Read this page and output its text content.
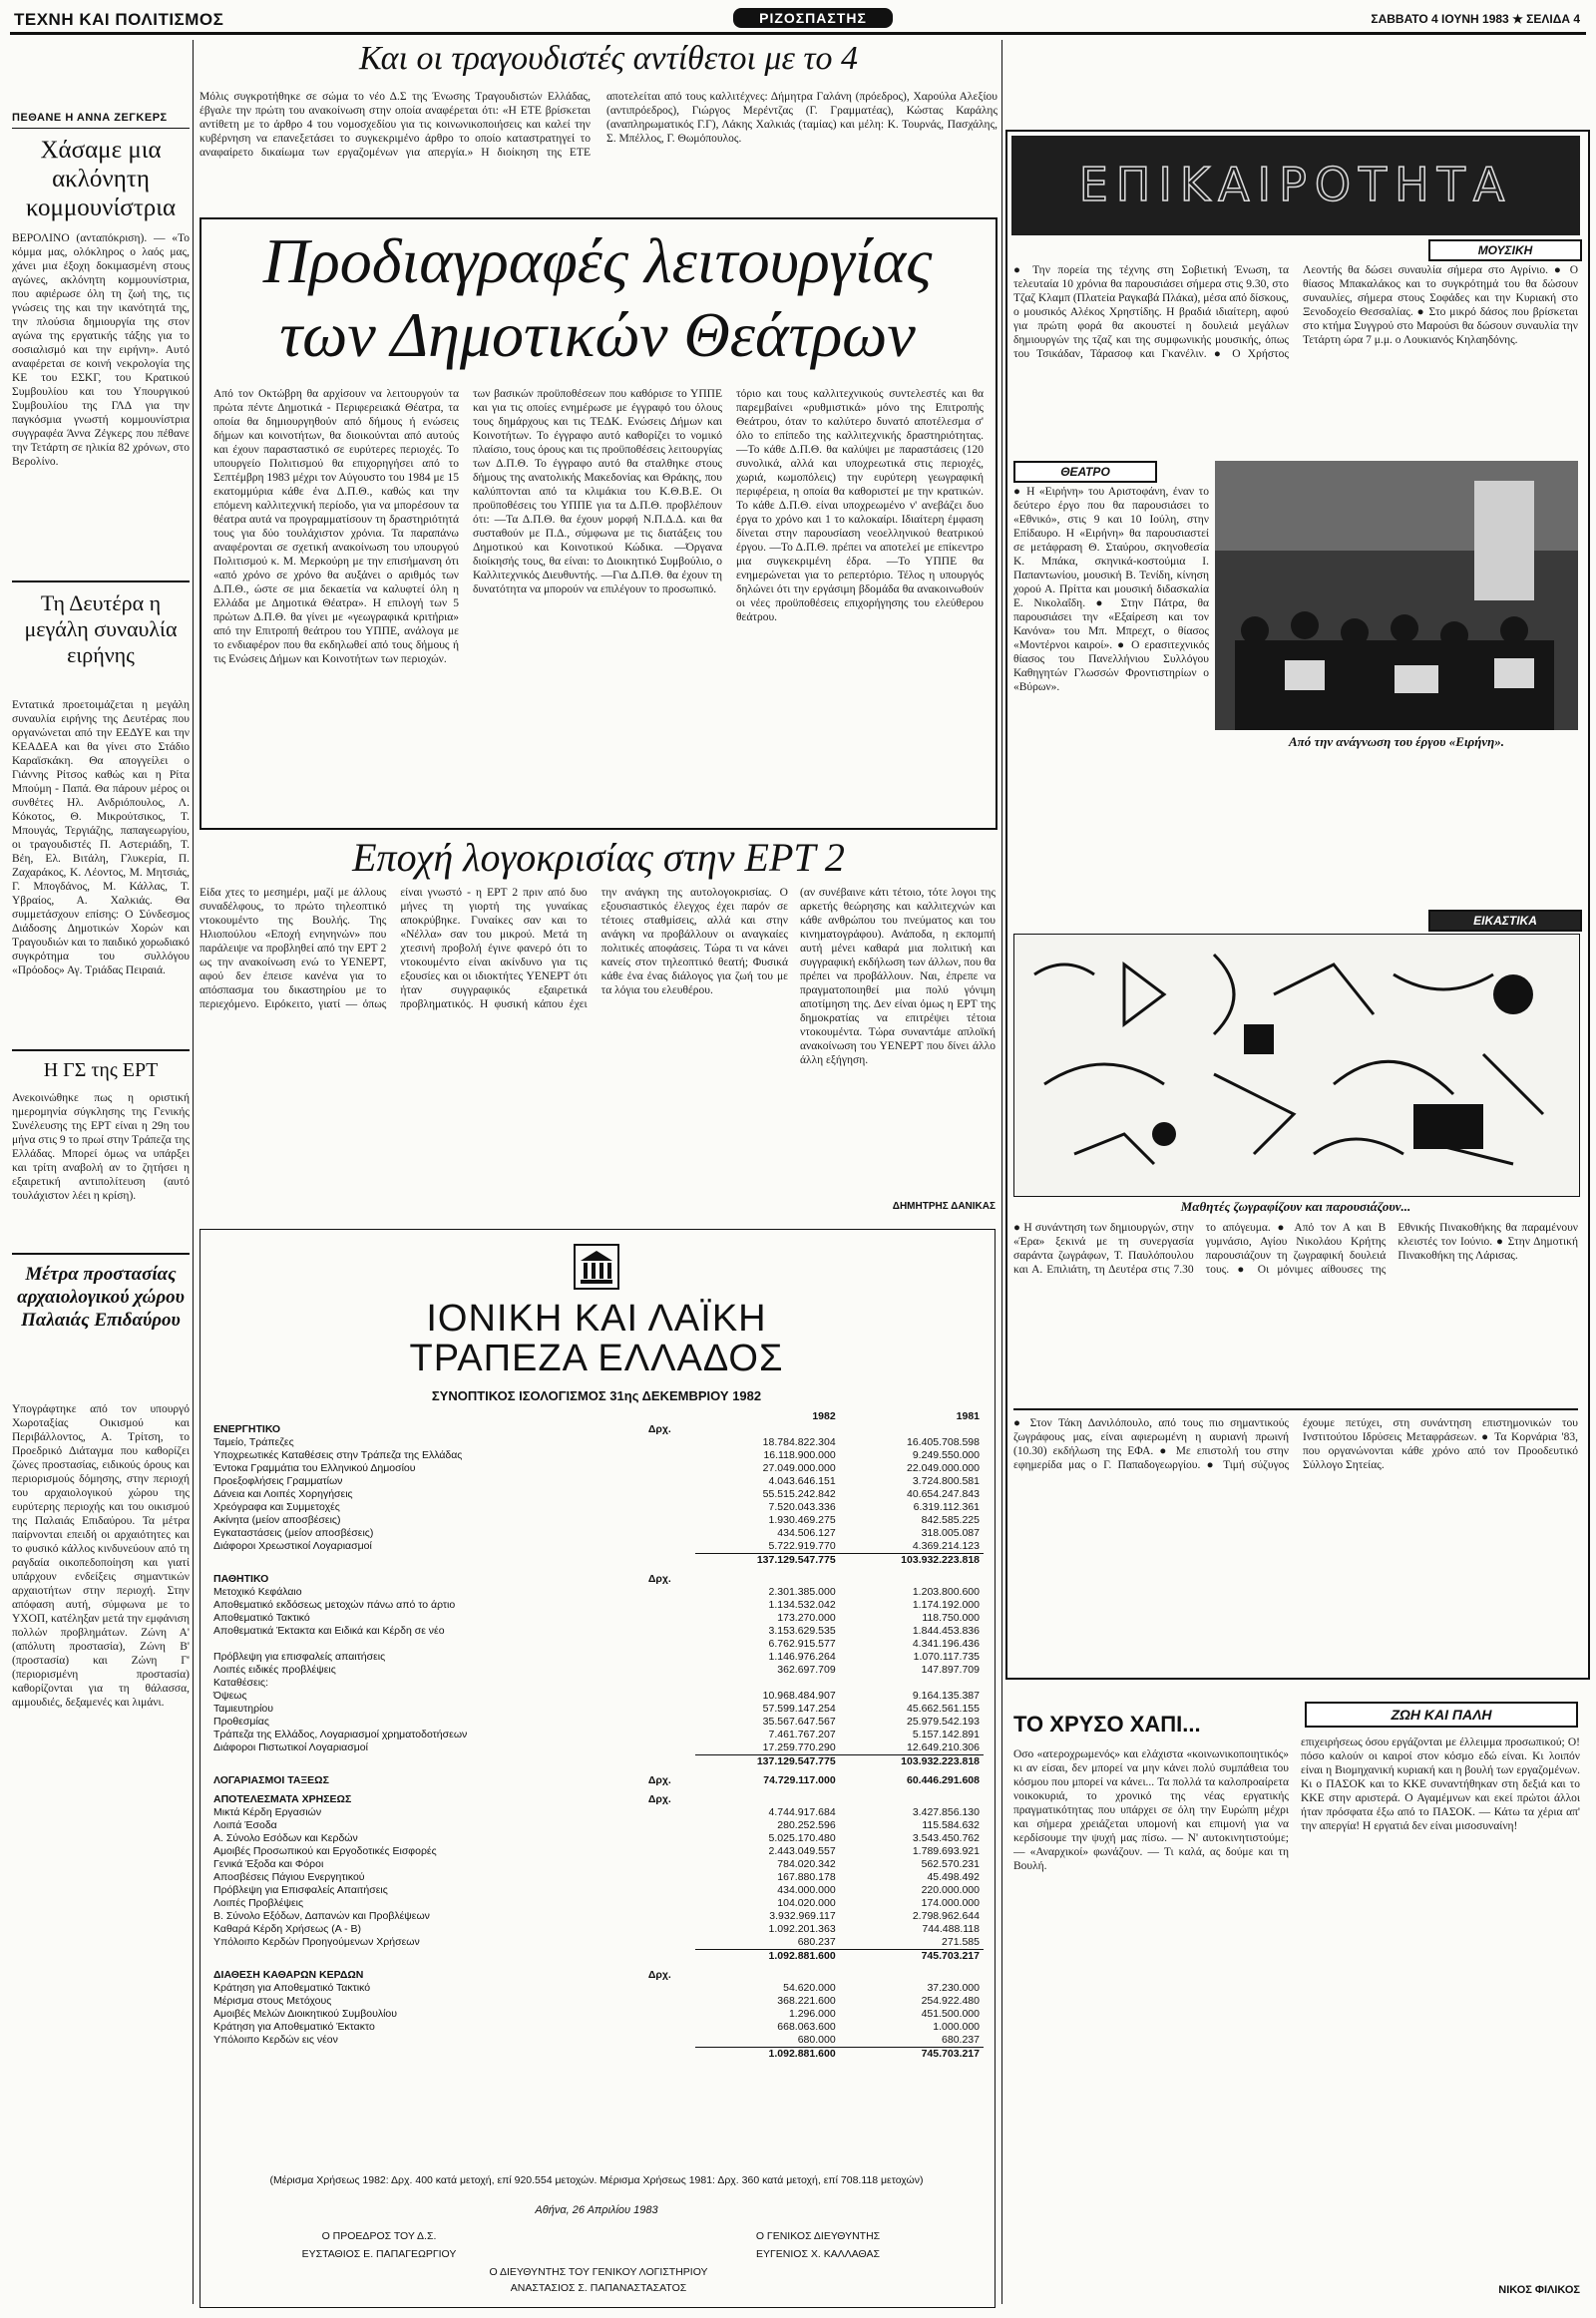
ΤΕΧΝΗ ΚΑΙ ΠΟΛΙΤΙΣΜΟΣ	ΡΙΖΟΣΠΑΣΤΗΣ	ΣΑΒΒΑΤΟ 4 ΙΟΥΝΗ 1983 ★ ΣΕΛΙΔΑ 4
ΠΕΘΑΝΕ Η ΑΝΝΑ ΖΕΓΚΕΡΣ
Χάσαμε μια ακλόνητη κομμουνίστρια
ΒΕΡΟΛΙΝΟ (ανταπόκριση). — «Το κόμμα μας, ολόκληρος ο λαός μας, χάνει μια έξοχη δοκιμασμένη στους αγώνες, ακλόνητη κομμουνίστρια, που αφιέρωσε όλη τη ζωή της, τις γνώσεις της και την ικανότητά της, την πλούσια δημιουργία της στον αγώνα της εργατικής τάξης για το σοσιαλισμό και την ειρήνη». Αυτό αναφέρεται σε κοινή νεκρολογία της ΚΕ του ΕΣΚΓ, του Κρατικού Συμβουλίου και του Υπουργικού Συμβουλίου της ΓΛΔ για την παγκόσμια γνωστή κομμουνίστρια συγγραφέα Άννα Ζέγκερς που πέθανε την Τετάρτη σε ηλικία 82 χρόνων, στο Βερολίνο.
Τη Δευτέρα η μεγάλη συναυλία ειρήνης
Εντατικά προετοιμάζεται η μεγάλη συναυλία ειρήνης της Δευτέρας που οργανώνεται από την ΕΕΔΥΕ και την ΚΕΑΔΕΑ και θα γίνει στο Στάδιο Καραϊσκάκη. Θα απογγείλει ο Γιάννης Ρίτσος καθώς και η Ρίτα Μπούμη - Παπά. Θα πάρουν μέρος οι συνθέτες Ηλ. Ανδριόπουλος, Λ. Κόκοτος, Θ. Μικρούτσικος, Τ. Μπουγάς, Τεργιάζης, παπαγεωργίου, οι τραγουδιστές Π. Αστεριάδη, Τ. Βέη, Ελ. Βιτάλη, Γλυκερία, Π. Ζαχαράκος, Κ. Λέοντος, Μ. Μητσιάς, Γ. Μπογδάνος, Μ. Κάλλας, Τ. Υβραίος, Α. Χαλκιάς. Θα συμμετάσχουν επίσης: Ο Σύνδεσμος Διάδοσης Δημοτικών Χορών και Τραγουδιών και το παιδικό χορωδιακό συγκρότημα του συλλόγου «Πρόοδος» Αγ. Τριάδας Πειραιά.
Η ΓΣ της ΕΡΤ
Ανεκοινώθηκε πως η οριστική ημερομηνία σύγκλησης της Γενικής Συνέλευσης της ΕΡΤ είναι η 29η του μήνα στις 9 το πρωί στην Τράπεζα της Ελλάδας. Μπορεί όμως να υπάρξει και τρίτη αναβολή αν το ζητήσει η εξαιρετική αντιπολίτευση (αυτό τουλάχιστον λέει η κρίση).
Μέτρα προστασίας αρχαιολογικού χώρου Παλαιάς Επιδαύρου
Υπογράφτηκε από τον υπουργό Χωροταξίας Οικισμού και Περιβάλλοντος, Α. Τρίτση, το Προεδρικό Διάταγμα που καθορίζει ζώνες προστασίας, ειδικούς όρους και περιορισμούς δόμησης, στην περιοχή του αρχαιολογικού χώρου της ευρύτερης περιοχής και του οικισμού της Παλαιάς Επιδαύρου. Τα μέτρα παίρνονται επειδή οι αρχαιότητες και το φυσικό κάλλος κινδυνεύουν από τη ραγδαία οικοπεδοποίηση και γιατί υπάρχουν ενδείξεις σημαντικών αρχαιοτήτων στην περιοχή. Στην απόφαση αυτή, σύμφωνα με το ΥΧΟΠ, κατέληξαν μετά την εμφάνιση πολλών προβλημάτων. Ζώνη Α' (απόλυτη προστασία), Ζώνη Β' (προστασία) και Ζώνη Γ' (περιορισμένη προστασία) καθορίζονται για τη θάλασσα, αμμουδιές, δεξαμενές και λιμάνι.
Και οι τραγουδιστές αντίθετοι με το 4
Μόλις συγκροτήθηκε σε σώμα το νέο Δ.Σ της Ένωσης Τραγουδιστών Ελλάδας, έβγαλε την πρώτη του ανακοίνωση στην οποία αναφέρεται ότι: «Η ΕΤΕ βρίσκεται αντίθετη με το άρθρο 4 του νομοσχεδίου για τις κοινωνικοποιήσεις και καλεί την κυβέρνηση να επανεξετάσει το συγκεκριμένο άρθρο το οποίο καταστρατηγεί το αναφαίρετο δικαίωμα των εργαζομένων για απεργία.» Η διοίκηση της ΕΤΕ αποτελείται από τους καλλιτέχνες: Δήμητρα Γαλάνη (πρόεδρος), Χαρούλα Αλεξίου (αντιπρόεδρος), Γιώργος Μερέντζας (Γ. Γραμματέας), Κώστας Καράλης (αναπληρωματικός Γ.Γ), Λάκης Χαλκιάς (ταμίας) και μέλη: Κ. Τουρνάς, Πασχάλης, Σ. Μπέλλος, Γ. Θωμόπουλος.
Προδιαγραφές λειτουργίας
των Δημοτικών Θεάτρων
Από τον Οκτώβρη θα αρχίσουν να λειτουργούν τα πρώτα πέντε Δημοτικά - Περιφερειακά Θέατρα, τα οποία θα δημιουργηθούν από δήμους ή ενώσεις δήμων και κοινοτήτων, θα διοικούνται από αυτούς και έχουν παρασταστικό σε ευρύτερες περιοχές. Το υπουργείο Πολιτισμού θα επιχορηγήσει από το Σεπτέμβρη 1983 μέχρι τον Αύγουστο του 1984 με 15 εκατομμύρια κάθε ένα Δ.Π.Θ., καθώς και την επόμενη καλλιτεχνική περίοδο, για να μπορέσουν τα θέατρα αυτά να προγραμματίσουν τη δραστηριότητά τους για δύο τουλάχιστον χρόνια. Τα παραπάνω αναφέρονται σε σχετική ανακοίνωση του υπουργού Πολιτισμού κ. Μ. Μερκούρη με την επισήμανση ότι «από χρόνο σε χρόνο θα αυξάνει ο αριθμός των Δ.Π.Θ., ώστε σε μια δεκαετία να καλυφτεί όλη η Ελλάδα με Δημοτικά Θέατρα». Η επιλογή των 5 πρώτων Δ.Π.Θ. θα γίνει με «γεωγραφικά κριτήρια» από την Επιτροπή θεάτρου του ΥΠΠΕ, ανάλογα με το ενδιαφέρον που θα εκδηλωθεί από τους δήμους ή τις Ενώσεις Δήμων και Κοινοτήτων των περιοχών.
των βασικών προϋποθέσεων που καθόρισε το ΥΠΠΕ και για τις οποίες ενημέρωσε με έγγραφό του όλους τους δημάρχους και τις ΤΕΔΚ. Ενώσεις Δήμων και Κοινοτήτων. Το έγγραφο αυτό καθορίζει το νομικό πλαίσιο, τους όρους και τις προϋποθέσεις λειτουργίας των Δ.Π.Θ. Το έγγραφο αυτό θα σταλθηκε στους δήμους της ανατολικής Μακεδονίας και Θράκης, που καλύπτονται από τα κλιμάκια του Κ.Θ.Β.Ε. Οι προϋποθέσεις του ΥΠΠΕ για τα Δ.Π.Θ. προβλέπουν ότι: —Τα Δ.Π.Θ. θα έχουν μορφή Ν.Π.Δ.Δ. και θα συσταθούν με Π.Δ., σύμφωνα με τις διατάξεις του Δημοτικού και Κοινοτικού Κώδικα. —Όργανα διοίκησής τους, θα είναι: το Διοικητικό Συμβούλιο, ο Καλλιτεχνικός Διευθυντής. —Για Δ.Π.Θ. θα έχουν τη δυνατότητα να μπορούν να επιλέγουν το προσωπικό.
τόριο και τους καλλιτεχνικούς συντελεστές και θα παρεμβαίνει «ρυθμιστικά» μόνο της Επιτροπής Θεάτρου, όταν το καλύτερο δυνατό αποτέλεσμα σ' όλο το επίπεδο της καλλιτεχνικής δραστηριότητας. —Το κάθε Δ.Π.Θ. θα καλύψει με παραστάσεις (120 συνολικά, αλλά και υποχρεωτικά στις περιοχές, χωριά, κωμοπόλεις) την ευρύτερη γεωγραφική περιφέρεια, η οποία θα καθοριστεί με την κρατικών. Το κάθε Δ.Π.Θ. είναι υποχρεωμένο ν' ανεβάζει δυο έργα το χρόνο και 1 το καλοκαίρι. Ιδιαίτερη έμφαση δίνεται στην παρουσίαση νεοελληνικού θεατρικού έργου. —Το Δ.Π.Θ. πρέπει να αποτελεί με επίκεντρο μια συγκεκριμένη έδρα. —Το ΥΠΠΕ θα ενημερώνεται για το ρεπερτόριο. Τέλος η υπουργός δηλώνει ότι την εργάσιμη βδομάδα θα ανακοινωθούν οι νέες προϋποθέσεις επιχορήγησης του ελεύθερου θεάτρου.
Εποχή λογοκρισίας στην ΕΡΤ 2
Είδα χτες το μεσημέρι, μαζί με άλλους συναδέλφους, το πρώτο τηλεοπτικό ντοκουμέντο της Βουλής. Της Ηλιοπούλου «Εποχή ενηνηνών» που παράλειψε να προβληθεί από την ΕΡΤ 2 ως την ανακοίνωση ενώ το ΥΕΝΕΡΤ, αφού δεν έπεισε κανένα για το απόσπασμα του δικαστηρίου με το περιεχόμενο. Ειρόκειτο, γιατί — όπως είναι γνωστό - η ΕΡΤ 2 πριν από δυο μήνες τη γιορτή της γυναίκας αποκρύβηκε. Γυναίκες σαν και το «Νέλλα» σαν του μικρού. Μετά τη χτεσινή προβολή έγινε φανερό ότι το ντοκουμέντο είναι ακίνδυνο για τις εξουσίες και οι ιδιοκτήτες ΥΕΝΕΡΤ ότι ήταν συγγραφικός εξαιρετικά προβληματικός. Η φυσική κάπου έχει την ανάγκη της αυτολογοκρισίας. Ο εξουσιαστικός έλεγχος έχει παρόν σε τέτοιες σταθμίσεις, αλλά και στην ανάγκη να προβάλλουν οι αναγκαίες πολιτικές αποφάσεις. Τώρα τι να κάνει κανείς στον τηλεοπτικό θεατή; Φυσικά κάθε ένα ένας διάλογος για ζωή του με τα λόγια του ελευθέρου.
(αν συνέβαινε κάτι τέτοιο, τότε λογοι της αρκετής θεώρησης και καλλιτεχνών και κάθε ανθρώπου του πνεύματος και του κινηματογράφου). Ανάποδα, η εκπομπή αυτή μένει καθαρά μια πολιτική και συγγραφική εκδήλωση των άλλων, που θα πρέπει να προβάλλουν. Ναι, έπρεπε να πραγματοποιηθεί μια πολύ γόνιμη αποτίμηση της. Δεν είναι όμως η ΕΡΤ της δημοκρατίας να επιτρέψει τέτοια ντοκουμέντα. Τώρα συναντάμε απλοϊκή ανακοίνωση του ΥΕΝΕΡΤ που δίνει άλλο άλλη εξήγηση.
ΔΗΜΗΤΡΗΣ ΔΑΝΙΚΑΣ
ΙΟΝΙΚΗ ΚΑΙ ΛΑΪΚΗ
ΤΡΑΠΕΖΑ ΕΛΛΑΔΟΣ
ΣΥΝΟΠΤΙΚΟΣ ΙΣΟΛΟΓΙΣΜΟΣ 31ης ΔΕΚΕΜΒΡΙΟΥ 1982
		1982	1981
ΕΝΕΡΓΗΤΙΚΟ	Δρχ.		
Ταμείο, Τράπεζες		18.784.822.304	16.405.708.598
Υποχρεωτικές Καταθέσεις στην Τράπεζα της Ελλάδας		16.118.900.000	9.249.550.000
Έντοκα Γραμμάτια του Ελληνικού Δημοσίου		27.049.000.000	22.049.000.000
Προεξοφλήσεις Γραμματίων		4.043.646.151	3.724.800.581
Δάνεια και Λοιπές Χορηγήσεις		55.515.242.842	40.654.247.843
Χρεόγραφα και Συμμετοχές		7.520.043.336	6.319.112.361
Ακίνητα (μείον αποσβέσεις)		1.930.469.275	842.585.225
Εγκαταστάσεις (μείον αποσβέσεις)		434.506.127	318.005.087
Διάφοροι Χρεωστικοί Λογαριασμοί		5.722.919.770	4.369.214.123
		137.129.547.775	103.932.223.818

ΠΑΘΗΤΙΚΟ	Δρχ.		
Μετοχικό Κεφάλαιο		2.301.385.000	1.203.800.600
Αποθεματικό εκδόσεως μετοχών πάνω από το άρτιο		1.134.532.042	1.174.192.000
Αποθεματικό Τακτικό		173.270.000	118.750.000
Αποθεματικά Έκτακτα και Ειδικά και Κέρδη σε νέο		3.153.629.535	1.844.453.836
		6.762.915.577	4.341.196.436
Πρόβλεψη για επισφαλείς απαιτήσεις		1.146.976.264	1.070.117.735
Λοιπές ειδικές προβλέψεις		362.697.709	147.897.709
Καταθέσεις:			
Όψεως		10.968.484.907	9.164.135.387
Ταμιευτηρίου		57.599.147.254	45.662.561.155
Προθεσμίας		35.567.647.567	25.979.542.193
Τράπεζα της Ελλάδος, Λογαριασμοί χρηματοδοτήσεων		7.461.767.207	5.157.142.891
Διάφοροι Πιστωτικοί Λογαριασμοί		17.259.770.290	12.649.210.306
		137.129.547.775	103.932.223.818

ΛΟΓΑΡΙΑΣΜΟΙ ΤΑΞΕΩΣ	Δρχ.	74.729.117.000	60.446.291.608

ΑΠΟΤΕΛΕΣΜΑΤΑ ΧΡΗΣΕΩΣ	Δρχ.		
Μικτά Κέρδη Εργασιών		4.744.917.684	3.427.856.130
Λοιπά Έσοδα		280.252.596	115.584.632
Α. Σύνολο Εσόδων και Κερδών		5.025.170.480	3.543.450.762
Αμοιβές Προσωπικού και Εργοδοτικές Εισφορές		2.443.049.557	1.789.693.921
Γενικά Έξοδα και Φόροι		784.020.342	562.570.231
Αποσβέσεις Πάγιου Ενεργητικού		167.880.178	45.498.492
Πρόβλεψη για Επισφαλείς Απαιτήσεις		434.000.000	220.000.000
Λοιπές Προβλέψεις		104.020.000	174.000.000
Β. Σύνολο Εξόδων, Δαπανών και Προβλέψεων		3.932.969.117	2.798.962.644
Καθαρά Κέρδη Χρήσεως (Α - Β)		1.092.201.363	744.488.118
Υπόλοιπο Κερδών Προηγούμενων Χρήσεων		680.237	271.585
		1.092.881.600	745.703.217

ΔΙΑΘΕΣΗ ΚΑΘΑΡΩΝ ΚΕΡΔΩΝ	Δρχ.		
Κράτηση για Αποθεματικό Τακτικό		54.620.000	37.230.000
Μέρισμα στους Μετόχους		368.221.600	254.922.480
Αμοιβές Μελών Διοικητικού Συμβουλίου		1.296.000	451.500.000
Κράτηση για Αποθεματικό Έκτακτο		668.063.600	1.000.000
Υπόλοιπο Κερδών εις νέον		680.000	680.237
		1.092.881.600	745.703.217
(Μέρισμα Χρήσεως 1982: Δρχ. 400 κατά μετοχή, επί 920.554 μετοχών. Μέρισμα Χρήσεως 1981: Δρχ. 360 κατά μετοχή, επί 708.118 μετοχών)
Αθήνα, 26 Απριλίου 1983
Ο ΠΡΟΕΔΡΟΣ ΤΟΥ Δ.Σ.
ΕΥΣΤΑΘΙΟΣ Ε. ΠΑΠΑΓΕΩΡΓΙΟΥ
Ο ΓΕΝΙΚΟΣ ΔΙΕΥΘΥΝΤΗΣ
ΕΥΓΕΝΙΟΣ Χ. ΚΑΛΛΑΘΑΣ
Ο ΔΙΕΥΘΥΝΤΗΣ ΤΟΥ ΓΕΝΙΚΟΥ ΛΟΓΙΣΤΗΡΙΟΥ
ΑΝΑΣΤΑΣΙΟΣ Σ. ΠΑΠΑΝΑΣΤΑΣΑΤΟΣ
ΕΠΙΚΑΙΡΟΤΗΤΑ
ΜΟΥΣΙΚΗ
● Την πορεία της τέχνης στη Σοβιετική Ένωση, τα τελευταία 10 χρόνια θα παρουσιάσει σήμερα στις 9.30, στο Τζαζ Κλαμπ (Πλατεία Ραγκαβά Πλάκα), μέσα από δίσκους, ο μουσικός Αλέκος Χρηστίδης. Η βραδιά ιδιαίτερη, αφού για πρώτη φορά θα ακουστεί η δουλειά μεγάλων δημιουργών της τζαζ και της συμφωνικής μουσικής, όπως του Τσικάδαν, Τάρασοφ και Γκανέλιν. ● Ο Χρήστος Λεοντής θα δώσει συναυλία σήμερα στο Αγρίνιο. ● Ο θίασος Μπακαλάκος και το συγκρότημά του θα δώσουν συναυλίες, σήμερα στους Σοφάδες και την Κυριακή στο Ξενοδοχείο Θεσσαλίας. ● Στο μικρό δάσος που βρίσκεται στο κτήμα Συγγρού στο Μαρούσι θα δώσουν συναυλία την Τετάρτη ώρα 7 μ.μ. ο Λουκιανός Κηλαηδόνης.
ΘΕΑΤΡΟ
● Η «Ειρήνη» του Αριστοφάνη, έναν το δεύτερο έργο που θα παρουσιάσει το «Εθνικό», στις 9 και 10 Ιούλη, στην Επίδαυρο. Η «Ειρήνη» θα παρουσιαστεί σε μετάφραση Θ. Σταύρου, σκηνοθεσία Κ. Μπάκα, σκηνικά-κοστούμια Ι. Παπαντωνίου, μουσική Β. Τενίδη, κίνηση χορού Α. Πρίττα και μουσική διδασκαλία Ε. Νικολαΐδη. ● Στην Πάτρα, θα παρουσιάσει την «Εξαίρεση και τον Κανόνα» του Μπ. Μπρεχτ, ο θίασος «Μοντέρνοι καιροί». ● Ο ερασιτεχνικός θίασος του Πανελλήνιου Συλλόγου Καθηγητών Γλωσσών Φροντιστηρίων ο «Βύρων».
Από την ανάγνωση του έργου «Ειρήνη».
ΕΙΚΑΣΤΙΚΑ
Μαθητές ζωγραφίζουν και παρουσιάζουν...
● Η συνάντηση των δημιουργών, στην «Έρα» ξεκινά με τη συνεργασία σαράντα ζωγράφων, Τ. Παυλόπουλου και Α. Επιλιάτη, τη Δευτέρα στις 7.30 το απόγευμα. ● Από τον Α και Β γυμνάσιο, Αγίου Νικολάου Κρήτης παρουσιάζουν τη ζωγραφική δουλειά τους. ● Οι μόνιμες αίθουσες της Εθνικής Πινακοθήκης θα παραμένουν κλειστές τον Ιούνιο. ● Στην Δημοτική Πινακοθήκη της Λάρισας.
● Στον Τάκη Δανιλόπουλο, από τους πιο σημαντικούς ζωγράφους μας, είναι αφιερωμένη η αυριανή πρωινή (10.30) εκδήλωση της ΕΦΑ. ● Με επιστολή του στην εφημερίδα μας ο Γ. Παπαδογεωργίου. ● Τιμή σύζυγος έχουμε πετύχει, στη συνάντηση επιστημονικών του Ινστιτούτου Ιδρύσεις Μεταφράσεων. ● Τα Κορνάρια '83, που οργανώνονται κάθε χρόνο από τον Προοδευτικό Σύλλογο Σητείας.
ΤΟ ΧΡΥΣΟ ΧΑΠΙ...	ΖΩΗ ΚΑΙ ΠΑΛΗ
Οσο «ατεροχρωμενός» και ελάχιστα «κοινωνικοποιητικός» κι αν είσαι, δεν μπορεί να μην κάνει πολύ συμπάθεια του κόσμου που μπορεί να κάνει... Τα πολλά τα καλοπροαίρετα νοικοκυριά, το χρονικό της νέας εργατικής πραγματικότητας που υπάρχει σε όλη την Ευρώπη μέχρι και σήμερα χρειάζεται υπομονή και επιμονή για να κερδίσουμε την ψυχή μας πίσω. — Ν' αυτοκινητιστούμε; — «Αναρχικοί» φωνάζουν. — Τι καλά, ας δούμε και τη Βουλή.
επιχειρήσεως όσου εργάζονται με έλλειμμα προσωπικού; Ο! πόσο καλούν οι καιροί στον κόσμο εδώ είναι. Κι λοιπόν είναι η Βιομηχανική κυριακή και η βουλή των εργαζομένων. Κι ο ΠΑΣΟΚ και το ΚΚΕ συναντήθηκαν στη δεξιά και το ΚΚΕ στην αριστερά. Ο Αγαμέμνων και εκεί πρώτοι άλλοι ήταν πρόσφατα έξω από το ΠΑΣΟΚ. — Κάτω τα χέρια απ' την απεργία! Η εργατιά δεν είναι μισοσυναίνη!
ΝΙΚΟΣ ΦΙΛΙΚΟΣ
